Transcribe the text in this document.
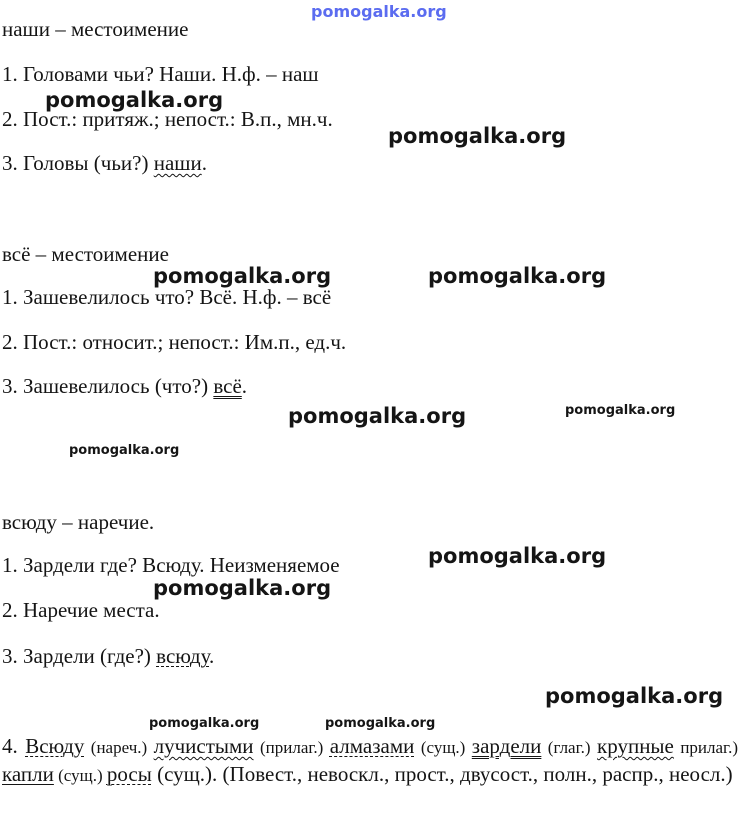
pomogalka.org
наши – местоимение
1. Головами чьи? Наши. Н.ф. – наш
2. Пост.: притяж.; непост.: В.п., мн.ч.
3. Головы (чьи?) наши.
всё – местоимение
1. Зашевелилось что? Всё. Н.ф. – всё
2. Пост.: относит.; непост.: Им.п., ед.ч.
3. Зашевелилось (что?) всё.
всюду – наречие.
1. Зардели где? Всюду. Неизменяемое
2. Наречие места.
3. Зардели (где?) всюду.
4. Всюду (нареч.) лучистыми (прилаг.) алмазами (сущ.) зардели (глаг.) крупные прилаг.) капли (сущ.) росы (сущ.). (Повест., невоскл., прост., двусост., полн., распр., неосл.)
pomogalka.org
pomogalka.org
pomogalka.org	pomogalka.org
pomogalka.org	pomogalka.org
pomogalka.org
pomogalka.org
pomogalka.org
pomogalka.org
pomogalka.org	pomogalka.org
